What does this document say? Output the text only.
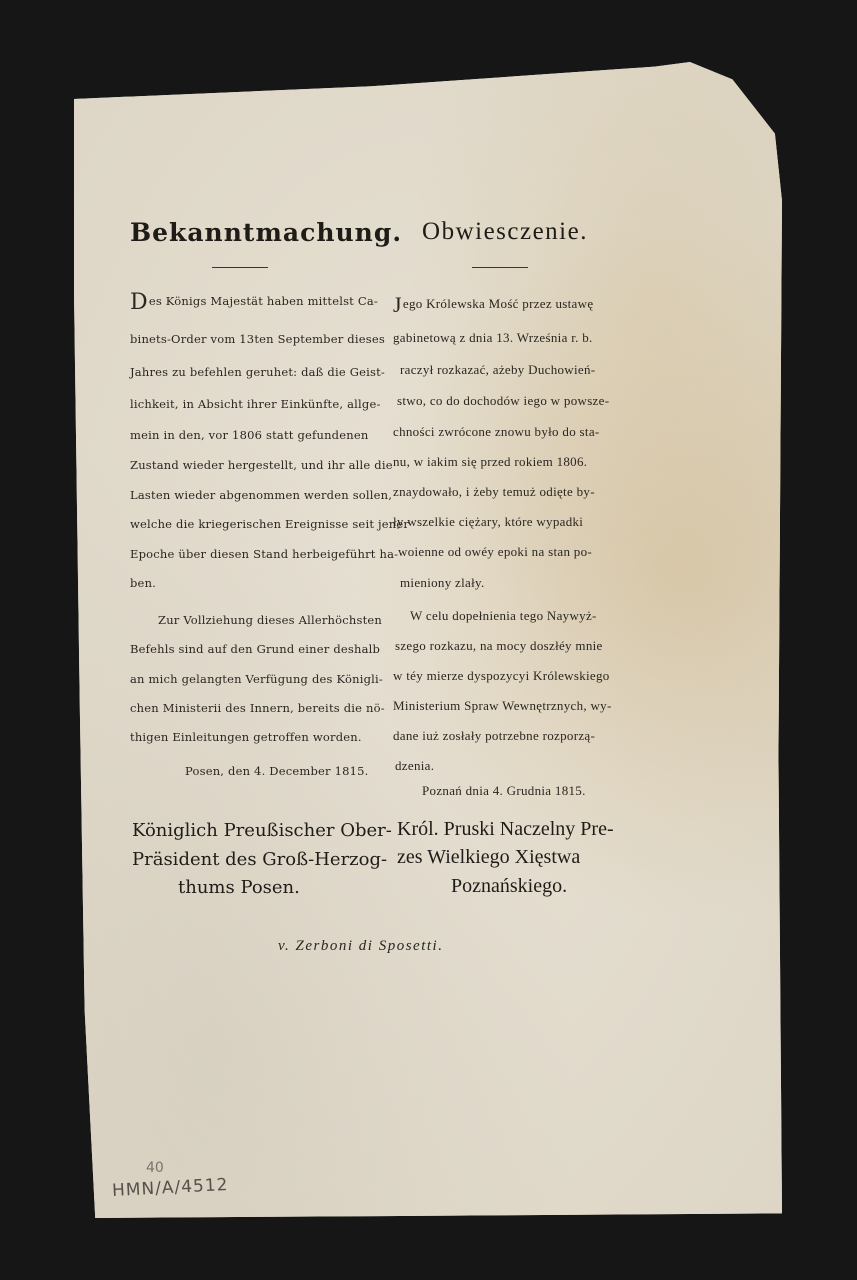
Bekanntmachung.
Des Königs Majestät haben mittelst Ca-
binets-Order vom 13ten September dieses
Jahres zu befehlen geruhet: daß die Geist-
lichkeit, in Absicht ihrer Einkünfte, allge-
mein in den, vor 1806 statt gefundenen
Zustand wieder hergestellt, und ihr alle die
Lasten wieder abgenommen werden sollen,
welche die kriegerischen Ereignisse seit jener
Epoche über diesen Stand herbeigeführt ha-
ben.
Zur Vollziehung dieses Allerhöchsten
Befehls sind auf den Grund einer deshalb
an mich gelangten Verfügung des Königli-
chen Ministerii des Innern, bereits die nö-
thigen Einleitungen getroffen worden.
Posen, den 4. December 1815.
Königlich Preußischer Ober-
Präsident des Groß-Herzog-
thums Posen.
Obwiesczenie.
Jego Królewska Mość przez ustawę
gabinetową z dnia 13. Września r. b.
raczył rozkazać, ażeby Duchowień-
stwo, co do dochodów iego w powsze-
chności zwrócone znowu było do sta-
nu, w iakim się przed rokiem 1806.
znaydowało, i żeby temuż odięte by-
ły wszelkie ciężary, które wypadki
woienne od owéy epoki na stan po-
mieniony zlały.
W celu dopełnienia tego Naywyż-
szego rozkazu, na mocy doszłéy mnie
w téy mierze dyspozycyi Królewskiego
Ministerium Spraw Wewnętrznych, wy-
dane iuż zosłały potrzebne rozporzą-
dzenia.
Poznań dnia 4. Grudnia 1815.
Król. Pruski Naczelny Pre-
zes Wielkiego Xięstwa
Poznańskiego.
v. Zerboni di Sposetti.
40
HMN/A/4512
